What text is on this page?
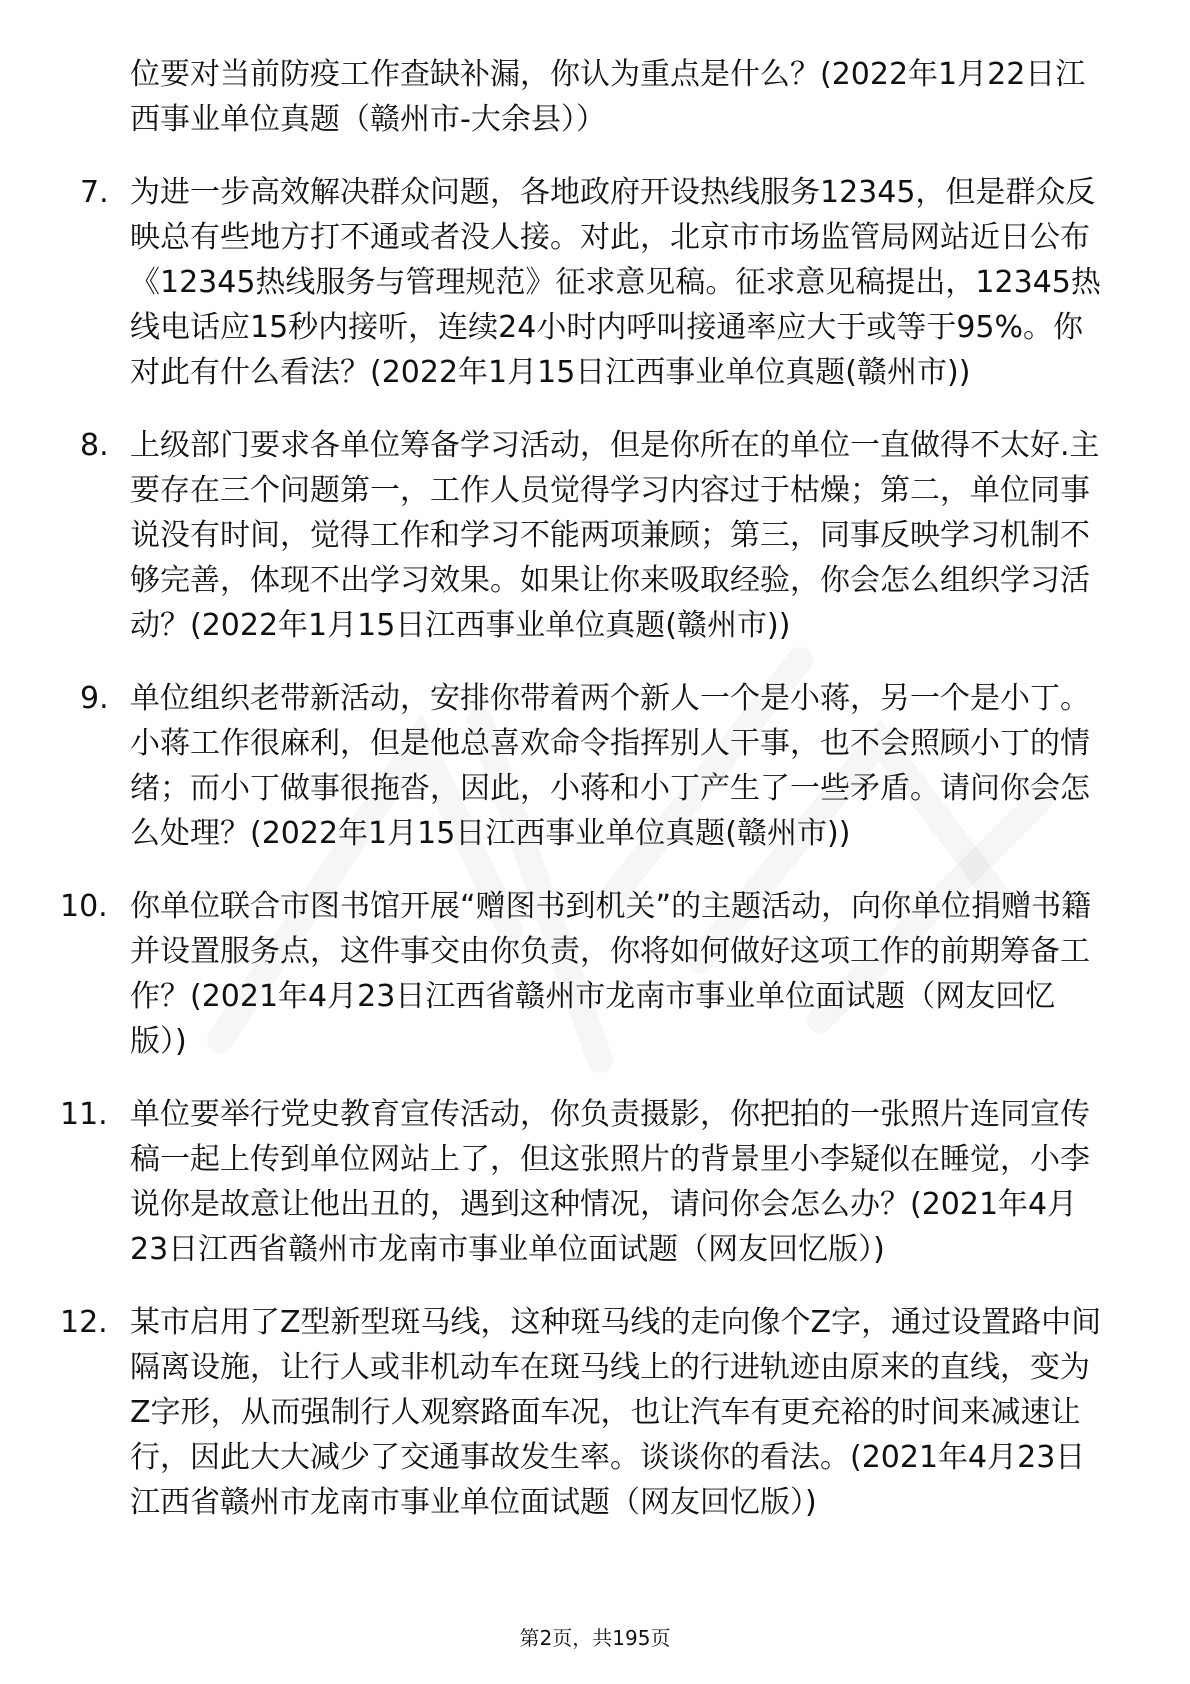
位要对当前防疫工作查缺补漏，你认为重点是什么？(2022年1月22日江西事业单位真题（赣州市-大余县））
7. 为进一步高效解决群众问题，各地政府开设热线服务12345，但是群众反映总有些地方打不通或者没人接。对此，北京市市场监管局网站近日公布《12345热线服务与管理规范》征求意见稿。征求意见稿提出，12345热线电话应15秒内接听，连续24小时内呼叫接通率应大于或等于95%。你对此有什么看法？(2022年1月15日江西事业单位真题(赣州市))
8. 上级部门要求各单位筹备学习活动，但是你所在的单位一直做得不太好.主要存在三个问题第一，工作人员觉得学习内容过于枯燥；第二，单位同事说没有时间，觉得工作和学习不能两项兼顾；第三，同事反映学习机制不够完善，体现不出学习效果。如果让你来吸取经验，你会怎么组织学习活动？(2022年1月15日江西事业单位真题(赣州市))
9. 单位组织老带新活动，安排你带着两个新人一个是小蒋，另一个是小丁。小蒋工作很麻利，但是他总喜欢命令指挥别人干事，也不会照顾小丁的情绪；而小丁做事很拖沓，因此，小蒋和小丁产生了一些矛盾。请问你会怎么处理？(2022年1月15日江西事业单位真题(赣州市))
10. 你单位联合市图书馆开展“赠图书到机关”的主题活动，向你单位捐赠书籍并设置服务点，这件事交由你负责，你将如何做好这项工作的前期筹备工作？(2021年4月23日江西省赣州市龙南市事业单位面试题（网友回忆版）)
11. 单位要举行党史教育宣传活动，你负责摄影，你把拍的一张照片连同宣传稿一起上传到单位网站上了，但这张照片的背景里小李疑似在睡觉，小李说你是故意让他出丑的，遇到这种情况，请问你会怎么办？(2021年4月23日江西省赣州市龙南市事业单位面试题（网友回忆版）)
12. 某市启用了Z型新型斑马线，这种斑马线的走向像个Z字，通过设置路中间隔离设施，让行人或非机动车在斑马线上的行进轨迹由原来的直线，变为Z字形，从而强制行人观察路面车况，也让汽车有更充裕的时间来减速让行，因此大大减少了交通事故发生率。谈谈你的看法。(2021年4月23日江西省赣州市龙南市事业单位面试题（网友回忆版）)
第2页，共195页
